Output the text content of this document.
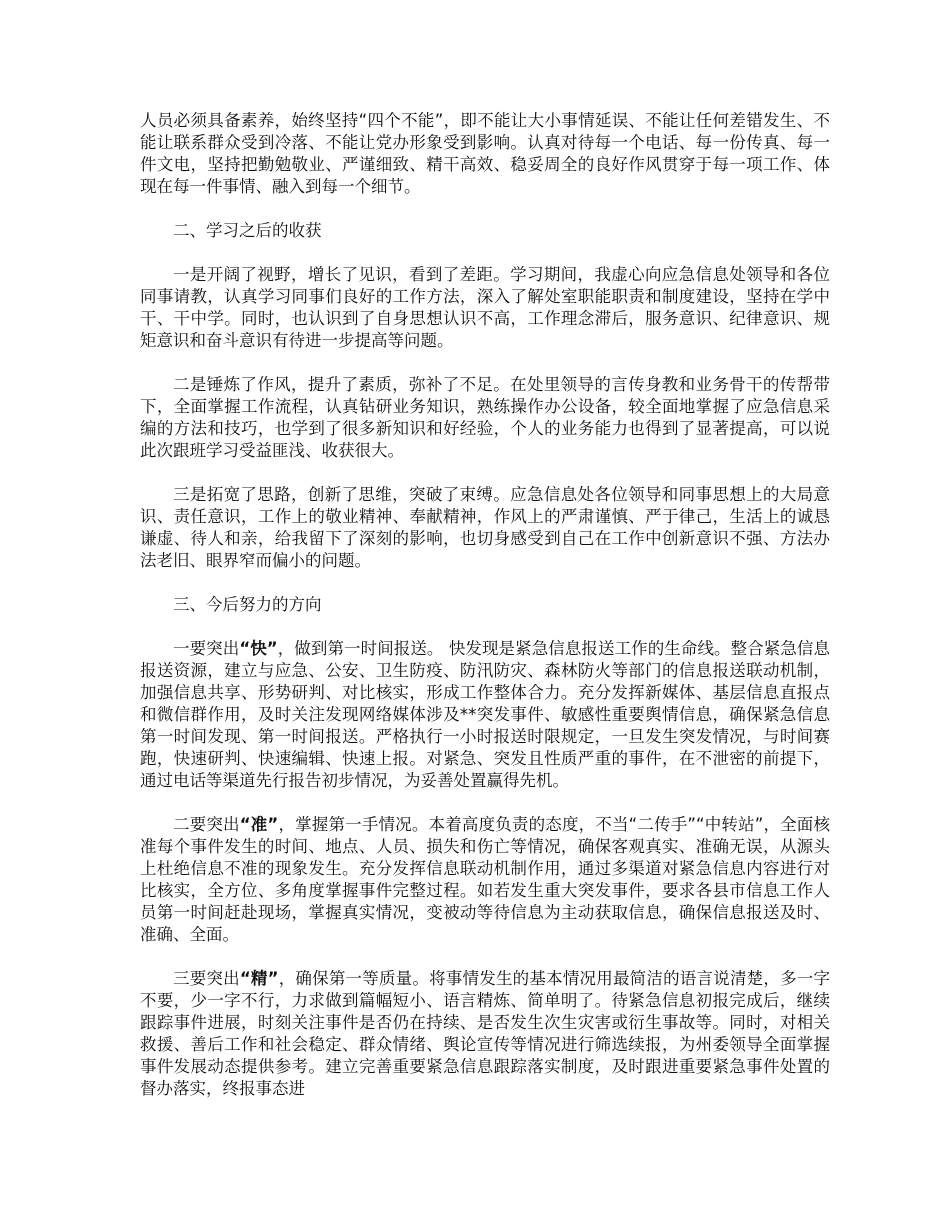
人员必须具备素养，始终坚持“四个不能”，即不能让大小事情延误、不能让任何差错发生、不能让联系群众受到冷落、不能让党办形象受到影响。认真对待每一个电话、每一份传真、每一件文电，坚持把勤勉敬业、严谨细致、精干高效、稳妥周全的良好作风贯穿于每一项工作、体现在每一件事情、融入到每一个细节。

二、学习之后的收获

一是开阔了视野，增长了见识，看到了差距。学习期间，我虚心向应急信息处领导和各位同事请教，认真学习同事们良好的工作方法，深入了解处室职能职责和制度建设，坚持在学中干、干中学。同时，也认识到了自身思想认识不高，工作理念滞后，服务意识、纪律意识、规矩意识和奋斗意识有待进一步提高等问题。

二是锤炼了作风，提升了素质，弥补了不足。在处里领导的言传身教和业务骨干的传帮带下，全面掌握工作流程，认真钻研业务知识，熟练操作办公设备，较全面地掌握了应急信息采编的方法和技巧，也学到了很多新知识和好经验，个人的业务能力也得到了显著提高，可以说此次跟班学习受益匪浅、收获很大。

三是拓宽了思路，创新了思维，突破了束缚。应急信息处各位领导和同事思想上的大局意识、责任意识，工作上的敬业精神、奉献精神，作风上的严肃谨慎、严于律己，生活上的诚恳谦虚、待人和亲，给我留下了深刻的影响，也切身感受到自己在工作中创新意识不强、方法办法老旧、眼界窄而偏小的问题。

三、今后努力的方向

一要突出“快”，做到第一时间报送。 快发现是紧急信息报送工作的生命线。整合紧急信息报送资源，建立与应急、公安、卫生防疫、防汛防灾、森林防火等部门的信息报送联动机制，加强信息共享、形势研判、对比核实，形成工作整体合力。充分发挥新媒体、基层信息直报点和微信群作用，及时关注发现网络媒体涉及**突发事件、敏感性重要舆情信息，确保紧急信息第一时间发现、第一时间报送。严格执行一小时报送时限规定，一旦发生突发情况，与时间赛跑，快速研判、快速编辑、快速上报。对紧急、突发且性质严重的事件，在不泄密的前提下，通过电话等渠道先行报告初步情况，为妥善处置赢得先机。

二要突出“准”，掌握第一手情况。本着高度负责的态度，不当“二传手”“中转站”，全面核准每个事件发生的时间、地点、人员、损失和伤亡等情况，确保客观真实、准确无误，从源头上杜绝信息不准的现象发生。充分发挥信息联动机制作用，通过多渠道对紧急信息内容进行对比核实，全方位、多角度掌握事件完整过程。如若发生重大突发事件，要求各县市信息工作人员第一时间赶赴现场，掌握真实情况，变被动等待信息为主动获取信息，确保信息报送及时、准确、全面。

三要突出“精”，确保第一等质量。将事情发生的基本情况用最简洁的语言说清楚，多一字不要，少一字不行，力求做到篇幅短小、语言精炼、简单明了。待紧急信息初报完成后，继续跟踪事件进展，时刻关注事件是否仍在持续、是否发生次生灾害或衍生事故等。同时，对相关救援、善后工作和社会稳定、群众情绪、舆论宣传等情况进行筛选续报，为州委领导全面掌握事件发展动态提供参考。建立完善重要紧急信息跟踪落实制度，及时跟进重要紧急事件处置的督办落实，终报事态进
